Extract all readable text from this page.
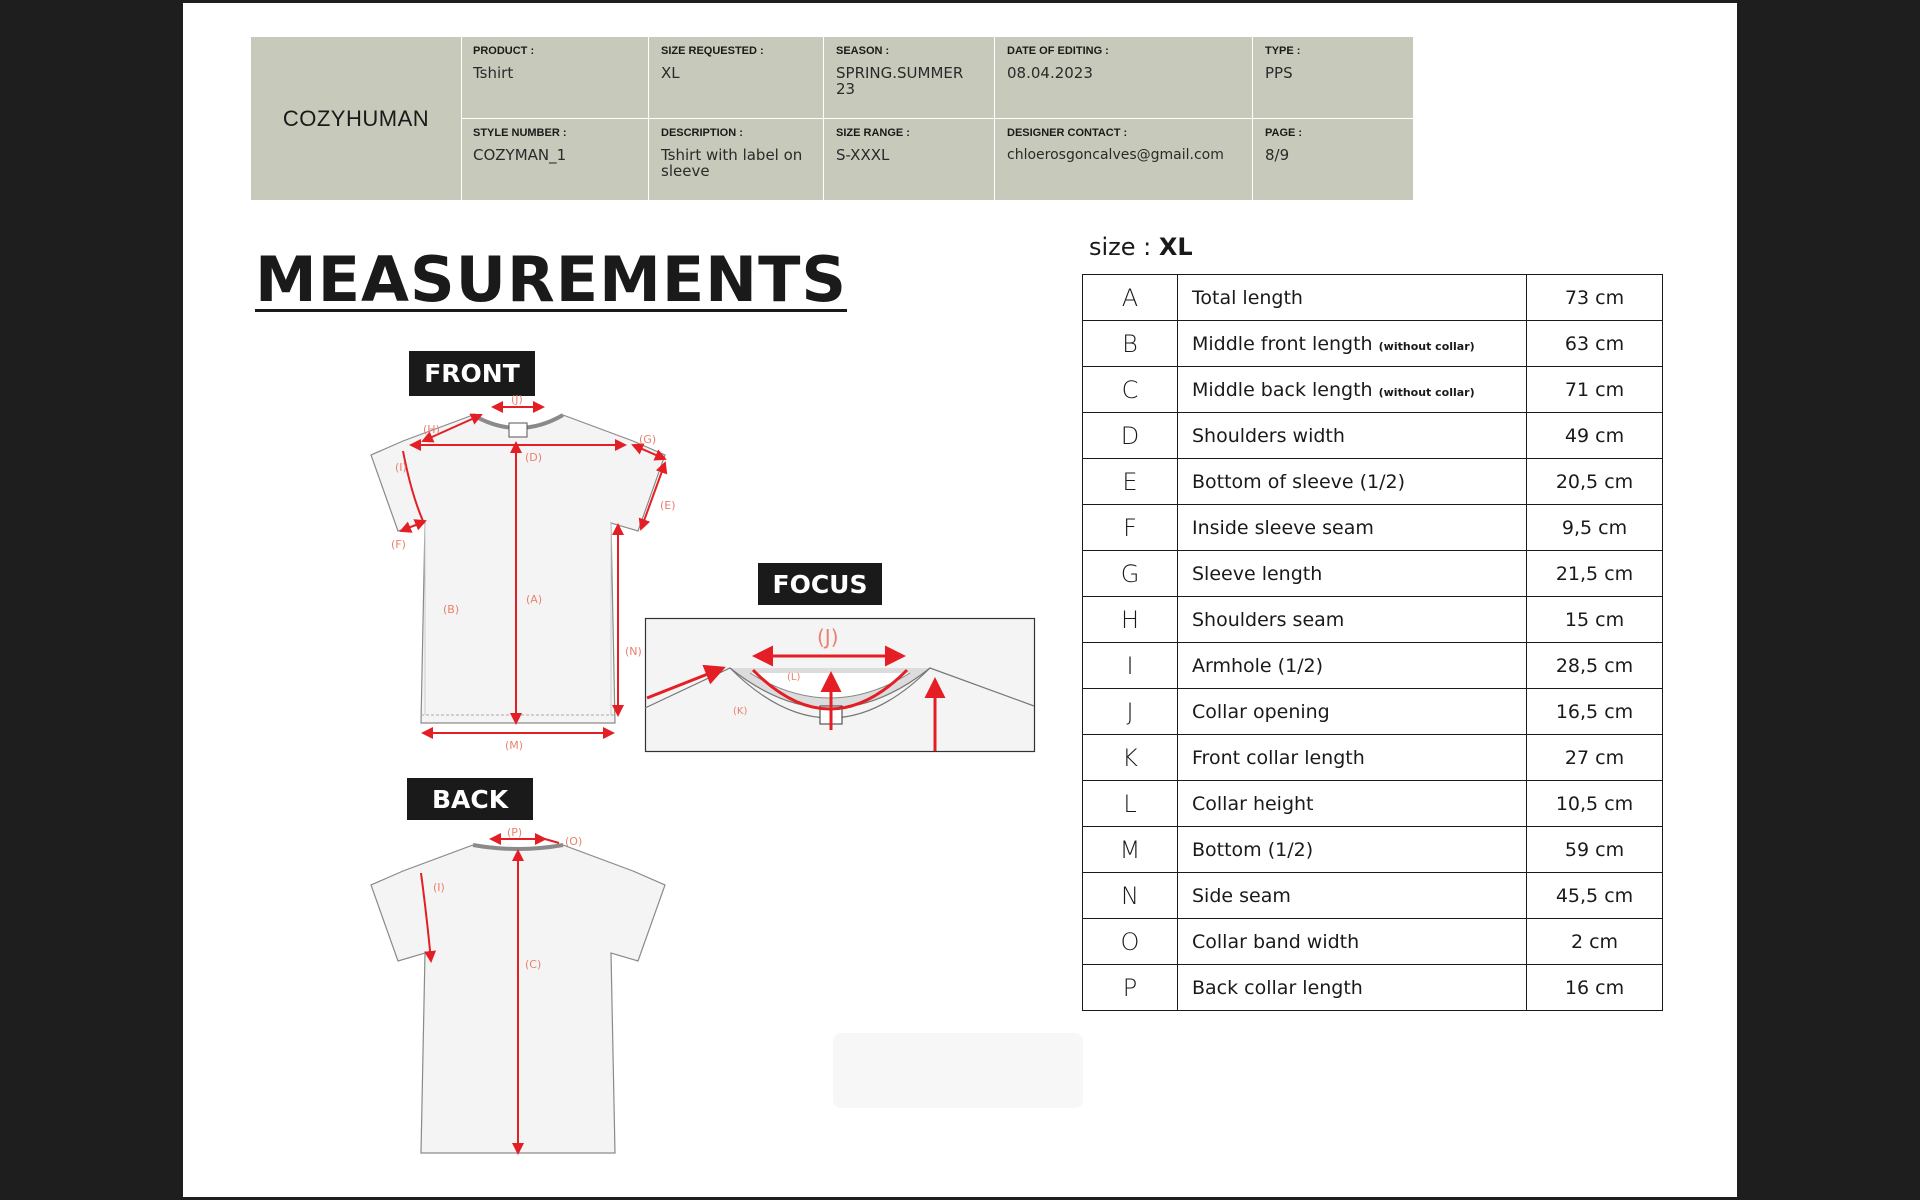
COZYHUMAN
PRODUCT :
Tshirt
SIZE REQUESTED :
XL
SEASON :
SPRING.SUMMER 23
DATE OF EDITING :
08.04.2023
TYPE :
PPS
STYLE NUMBER :
COZYMAN_1
DESCRIPTION :
Tshirt with label on sleeve
SIZE RANGE :
S-XXXL
DESIGNER CONTACT :
chloerosgoncalves@gmail.com
PAGE :
8/9
MEASUREMENTS
FRONT
FOCUS
BACK
(H)
(J)
(D)
(G)
(I)
(E)
(F)
(B)
(A)
(N)
(M)
(J)
(L)
(K)
(P)
(O)
(I)
(C)
size : XL
A	Total length	73 cm
B	Middle front length (without collar)	63 cm
C	Middle back length (without collar)	71 cm
D	Shoulders width	49 cm
E	Bottom of sleeve (1/2)	20,5 cm
F	Inside sleeve seam	9,5 cm
G	Sleeve length	21,5 cm
H	Shoulders seam	15 cm
I	Armhole (1/2)	28,5 cm
J	Collar opening	16,5 cm
K	Front collar length	27 cm
L	Collar height	10,5 cm
M	Bottom (1/2)	59 cm
N	Side seam	45,5 cm
O	Collar band width	2 cm
P	Back collar length	16 cm
